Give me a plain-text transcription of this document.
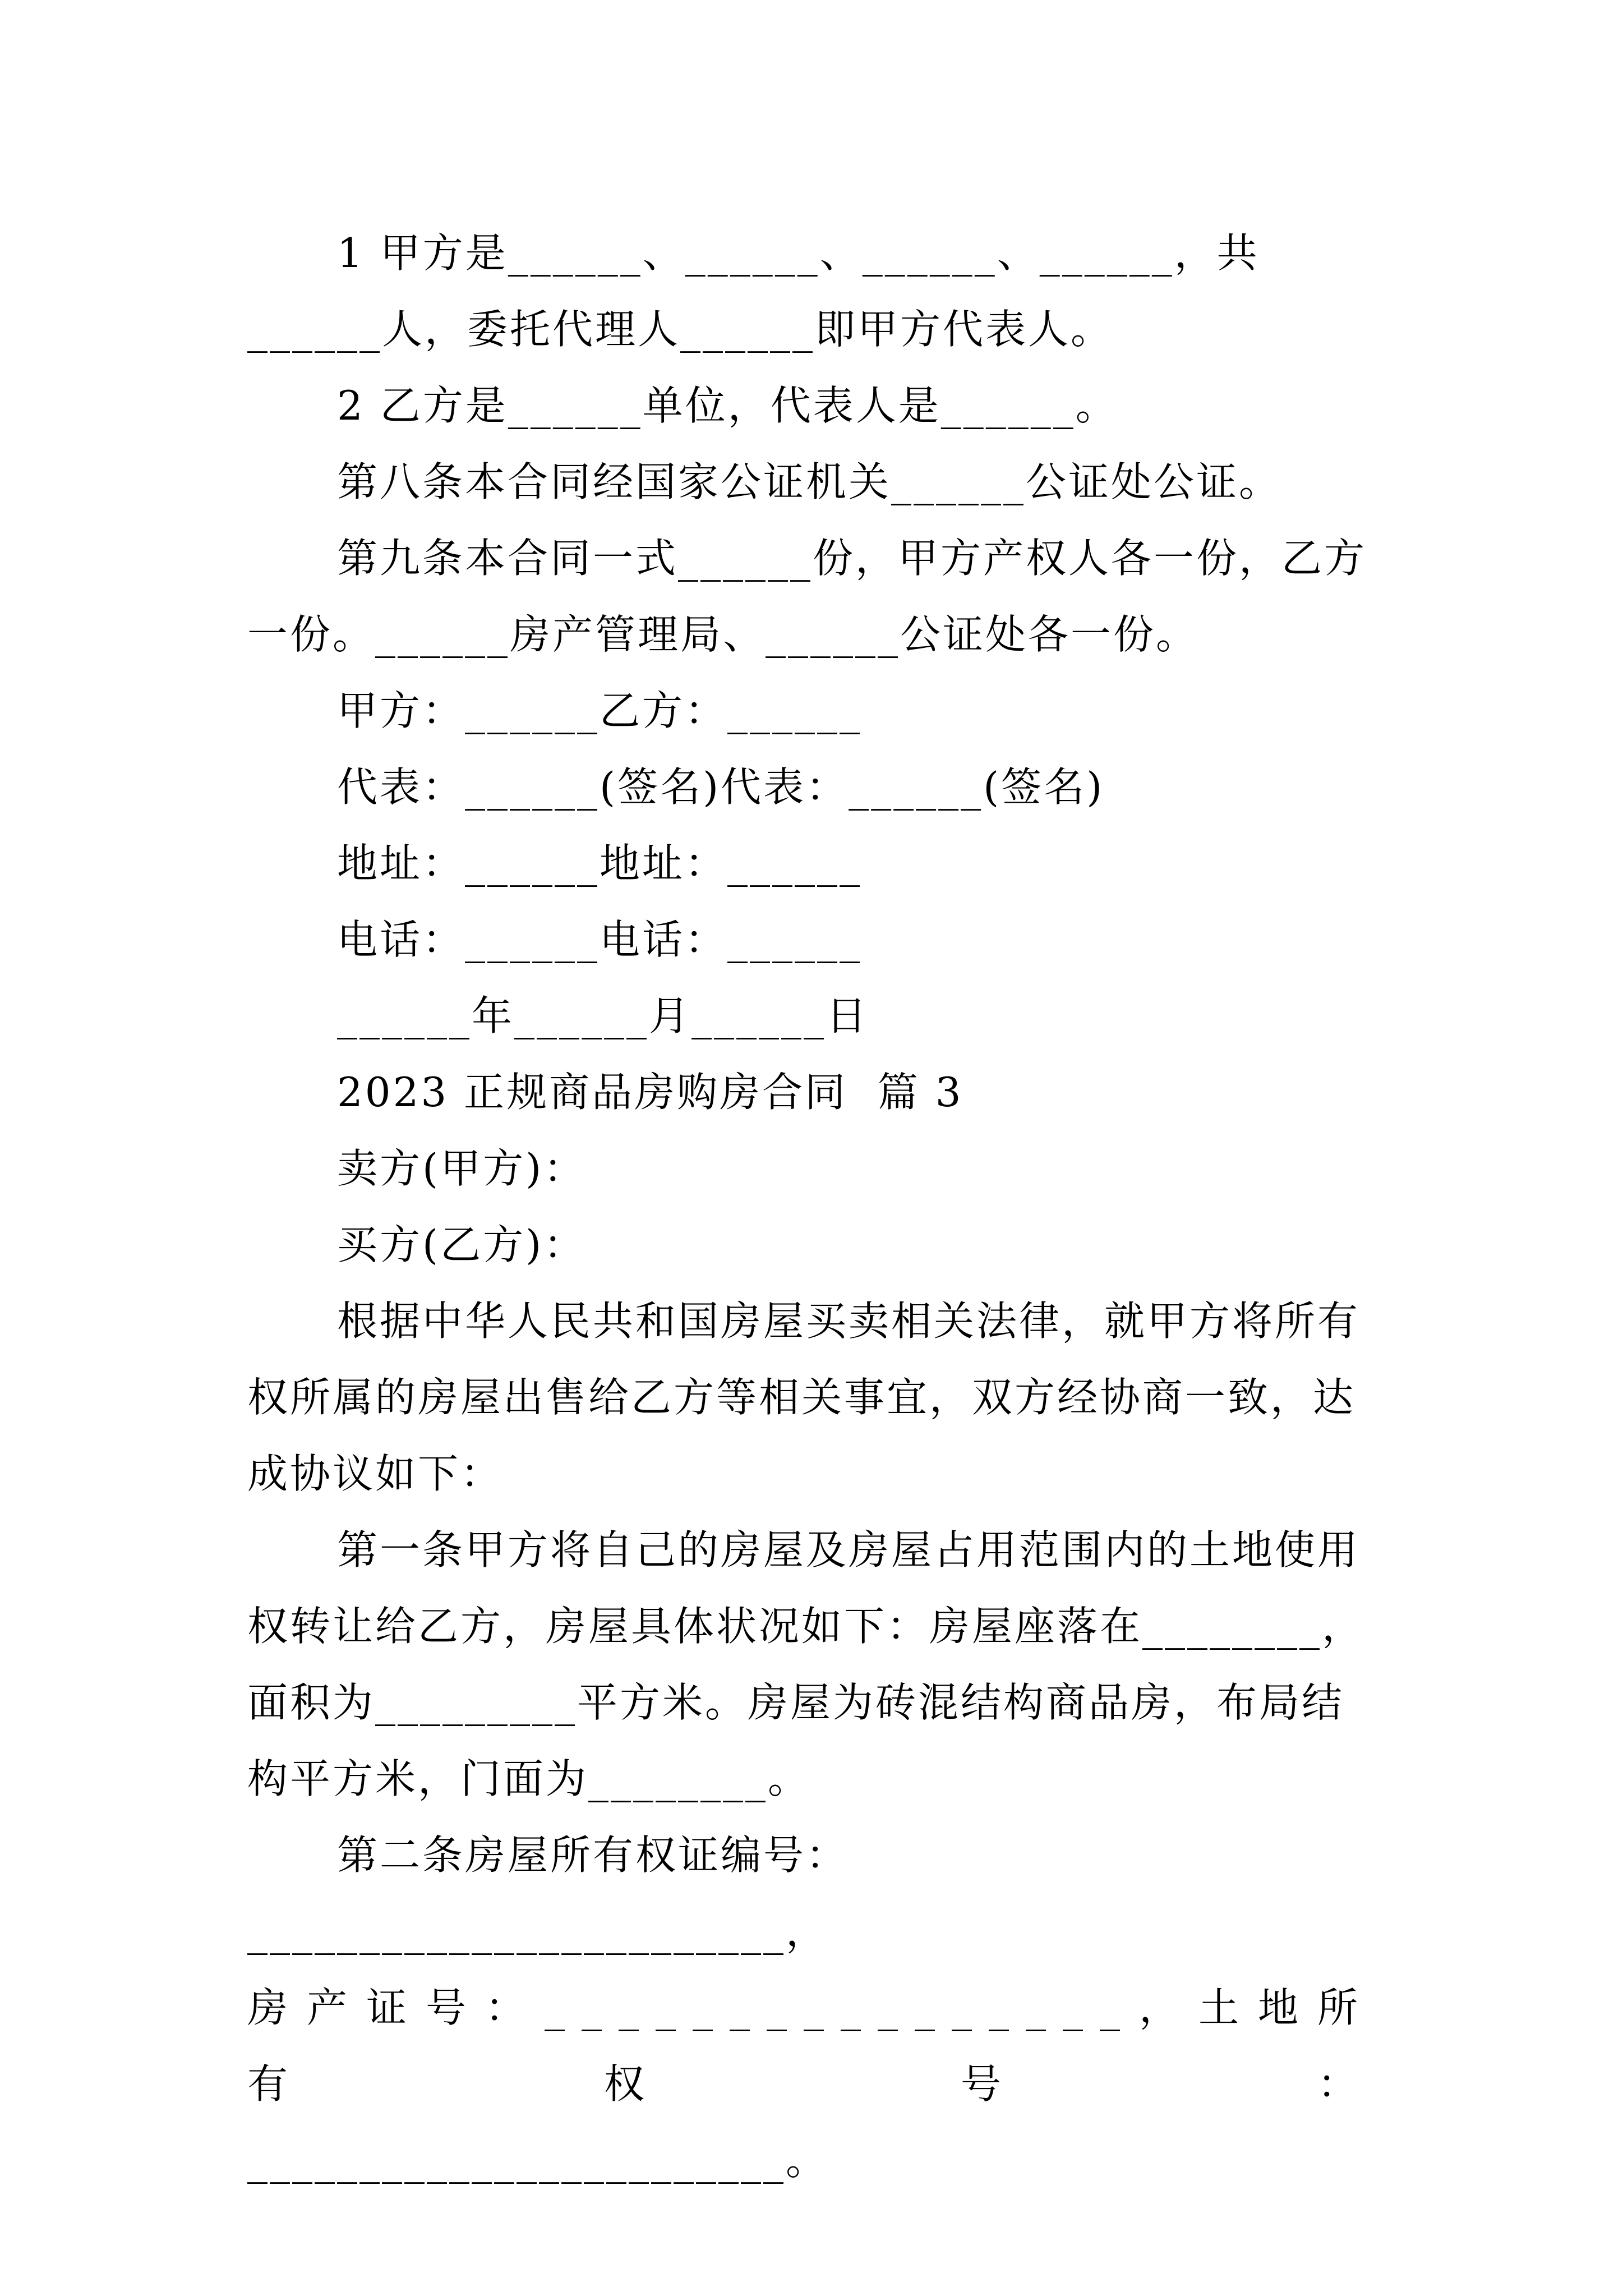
1 甲方是______、______、______、______，共______人，委托代理人______即甲方代表人。

2 乙方是______单位，代表人是______。

第八条本合同经国家公证机关______公证处公证。

第九条本合同一式______份，甲方产权人各一份，乙方一份。______房产管理局、______公证处各一份。

甲方：______乙方：______

代表：______(签名)代表：______(签名)

地址：______地址：______

电话：______电话：______

______年______月______日

2023 正规商品房购房合同  篇 3

卖方(甲方)：

买方(乙方)：

根据中华人民共和国房屋买卖相关法律，就甲方将所有权所属的房屋出售给乙方等相关事宜，双方经协商一致，达成协议如下：

第一条甲方将自己的房屋及房屋占用范围内的土地使用权转让给乙方，房屋具体状况如下：房屋座落在________，面积为_________平方米。房屋为砖混结构商品房，布局结构平方米，门面为________。

第二条房屋所有权证编号：________________________，

房产证号：________________，土地所有权号：

________________________。
